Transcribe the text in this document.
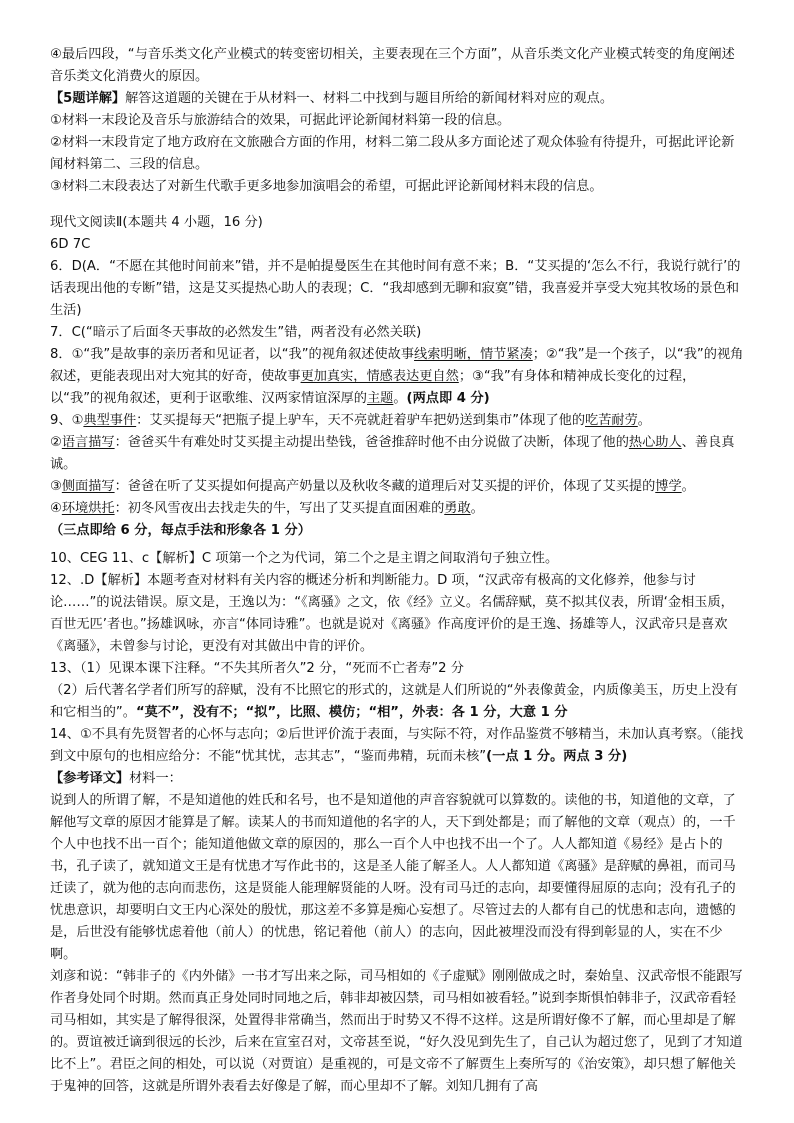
④最后四段，“与音乐类文化产业模式的转变密切相关，主要表现在三个方面”，从音乐类文化产业模式转变的角度阐述音乐类文化消费火的原因。

【5题详解】解答这道题的关键在于从材料一、材料二中找到与题目所给的新闻材料对应的观点。

①材料一末段论及音乐与旅游结合的效果，可据此评论新闻材料第一段的信息。

②材料一末段肯定了地方政府在文旅融合方面的作用，材料二第二段从多方面论述了观众体验有待提升，可据此评论新闻材料第二、三段的信息。

③材料二末段表达了对新生代歌手更多地参加演唱会的希望，可据此评论新闻材料末段的信息。

现代文阅读Ⅱ(本题共 4 小题，16 分)

6D 7C

6．D(A．“不愿在其他时间前来”错，并不是帕提曼医生在其他时间有意不来；B．“艾买提的‘怎么不行，我说行就行’的话表现出他的专断”错，这是艾买提热心助人的表现；C．“我却感到无聊和寂寞”错，我喜爱并享受大宛其牧场的景色和生活)

7．C(“暗示了后面冬天事故的必然发生”错，两者没有必然关联)

8．①“我”是故事的亲历者和见证者，以“我”的视角叙述使故事线索明晰，情节紧凑；②“我”是一个孩子，以“我”的视角叙述，更能表现出对大宛其的好奇，使故事更加真实，情感表达更自然；③“我”有身体和精神成长变化的过程，以“我”的视角叙述，更利于讴歌维、汉两家情谊深厚的主题。(两点即 4 分)

9、①典型事件：艾买提每天“把瓶子提上驴车，天不亮就赶着驴车把奶送到集市”体现了他的吃苦耐劳。

②语言描写：爸爸买牛有难处时艾买提主动提出垫钱，爸爸推辞时他不由分说做了决断，体现了他的热心助人、善良真诚。

③侧面描写：爸爸在听了艾买提如何提高产奶量以及秋收冬藏的道理后对艾买提的评价，体现了艾买提的博学。

④环境烘托：初冬风雪夜出去找走失的牛，写出了艾买提直面困难的勇敢。

（三点即给 6 分，每点手法和形象各 1 分）

10、CEG 11、c【解析】C 项第一个之为代词，第二个之是主谓之间取消句子独立性。

12、.D【解析】本题考查对材料有关内容的概述分析和判断能力。D 项，“汉武帝有极高的文化修养，他参与讨论……”的说法错误。原文是，王逸以为：“《离骚》之文，依《经》立义。名儒辞赋，莫不拟其仪表，所谓‘金相玉质，百世无匹’者也。”扬雄讽咏，亦言“体同诗雅”。也就是说对《离骚》作高度评价的是王逸、扬雄等人，汉武帝只是喜欢《离骚》，未曾参与讨论，更没有对其做出中肯的评价。

13、（1）见课本课下注释。“不失其所者久”2 分，“死而不亡者寿”2 分

（2）后代著名学者们所写的辞赋，没有不比照它的形式的，这就是人们所说的“外表像黄金，内质像美玉，历史上没有和它相当的”。“莫不”，没有不；“拟”，比照、模仿；“相”，外表：各 1 分，大意 1 分

14、①不具有先贤智者的心怀与志向；②后世评价流于表面，与实际不符，对作品鉴赏不够精当，未加认真考察。（能找到文中原句的也相应给分：不能“忧其忧，志其志”，“鉴而弗精，玩而未核”(一点 1 分。两点 3 分)

【参考译文】材料一：

说到人的所谓了解，不是知道他的姓氏和名号，也不是知道他的声音容貌就可以算数的。读他的书，知道他的文章，了解他写文章的原因才能算是了解。读某人的书而知道他的名字的人，天下到处都是；而了解他的文章（观点）的，一千个人中也找不出一百个；能知道他做文章的原因的，那么一百个人中也找不出一个了。人人都知道《易经》是占卜的书，孔子读了，就知道文王是有忧患才写作此书的，这是圣人能了解圣人。人人都知道《离骚》是辞赋的鼻祖，而司马迁读了，就为他的志向而悲伤，这是贤能人能理解贤能的人呀。没有司马迁的志向，却要懂得屈原的志向；没有孔子的忧患意识，却要明白文王内心深处的殷忧，那这差不多算是痴心妄想了。尽管过去的人都有自己的忧患和志向，遗憾的是，后世没有能够忧虑着他（前人）的忧患，铭记着他（前人）的志向，因此被埋没而没有得到彰显的人，实在不少啊。

刘彦和说：“韩非子的《内外储》一书才写出来之际，司马相如的《子虚赋》刚刚做成之时，秦始皇、汉武帝恨不能跟写作者身处同个时期。然而真正身处同时同地之后，韩非却被囚禁，司马相如被看轻。”说到李斯惧怕韩非子，汉武帝看轻司马相如，其实是了解得很深，处置得非常确当，然而出于时势又不得不这样。这是所谓好像不了解，而心里却是了解的。贾谊被迁谪到很远的长沙，后来在宣室召对，文帝甚至说，“好久没见到先生了，自己认为超过您了，见到了才知道比不上”。君臣之间的相处，可以说（对贾谊）是重视的，可是文帝不了解贾生上奏所写的《治安策》，却只想了解他关于鬼神的回答，这就是所谓外表看去好像是了解，而心里却不了解。刘知几拥有了高
